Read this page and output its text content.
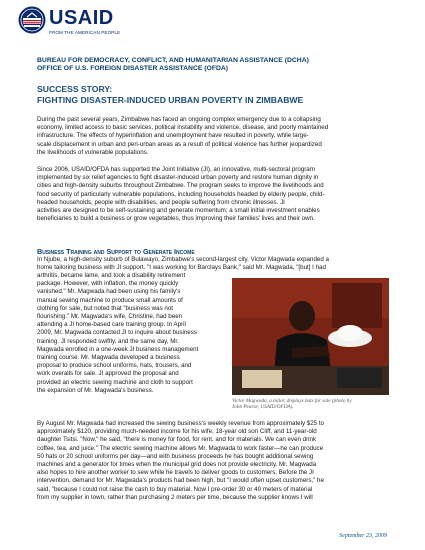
USAID
FROM THE AMERICAN PEOPLE
BUREAU FOR DEMOCRACY, CONFLICT, AND HUMANITARIAN ASSISTANCE (DCHA)
OFFICE OF U.S. FOREIGN DISASTER ASSISTANCE (OFDA)
SUCCESS STORY:
FIGHTING DISASTER-INDUCED URBAN POVERTY IN ZIMBABWE
During the past several years, Zimbabwe has faced an ongoing complex emergency due to a collapsing
economy, limited access to basic services, political instability and violence, disease, and poorly maintained
infrastructure. The effects of hyperinflation and unemployment have resulted in poverty, while large-
scale displacement in urban and peri-urban areas as a result of political violence has further jeopardized
the livelihoods of vulnerable populations.
Since 2006, USAID/OFDA has supported the Joint Initiative (JI), an innovative, multi-sectoral program
implemented by six relief agencies to fight disaster-induced urban poverty and restore human dignity in
cities and high-density suburbs throughout Zimbabwe. The program seeks to improve the livelihoods and
food security of particularly vulnerable populations, including households headed by elderly people, child-
headed households, people with disabilities, and people suffering from chronic illnesses. JI
activities are designed to be self-sustaining and generate momentum; a small initial investment enables
beneficiaries to build a business or grow vegetables, thus improving their families' lives and their own.
Business Training and Support to Generate Income
In Njube, a high-density suburb of Bulawayo, Zimbabwe's second-largest city, Victor Magwada expanded a
home tailoring business with JI support. "I was working for Barclays Bank," said Mr. Magwada, "[but] I had
arthritis, became lame, and took a disability retirement
package. However, with inflation, the money quickly
vanished." Mr. Magwada had been using his family's
manual sewing machine to produce small amounts of
clothing for sale, but noted that "business was not
flourishing." Mr. Magwada's wife, Christine, had been
attending a JI home-based care training group. In April
2009, Mr. Magwada contacted JI to inquire about business
training. JI responded swiftly, and the same day, Mr.
Magwada enrolled in a one-week JI business management
training course. Mr. Magwada developed a business
proposal to produce school uniforms, hats, trousers, and
work overalls for sale. JI approved the proposal and
provided an electric sewing machine and cloth to support
the expansion of Mr. Magwada's business.
Victor Magwada, a tailor, displays hats for sale (photo by
John Pearse, USAID/OFDA).
By August Mr. Magwada had increased the sewing business's weekly revenue from approximately $25 to
approximately $120, providing much-needed income for his wife, 18-year old son Cliff, and 11-year-old
daughter Tsitsi. "Now," he said, "there is money for food, for rent, and for materials. We can even drink
coffee, tea, and juice." The electric sewing machine allows Mr. Magwada to work faster—he can produce
50 hats or 20 school uniforms per day—and with business proceeds he has bought additional sewing
machines and a generator for times when the municipal grid does not provide electricity. Mr. Magwada
also hopes to hire another worker to sew while he travels to deliver goods to customers. Before the JI
intervention, demand for Mr. Magwada's products had been high, but "I would often upset customers," he
said, "because I could not raise the cash to buy material. Now I pre-order 30 or 40 meters of material
from my supplier in town, rather than purchasing 2 meters per time, because the supplier knows I will
September 23, 2009
